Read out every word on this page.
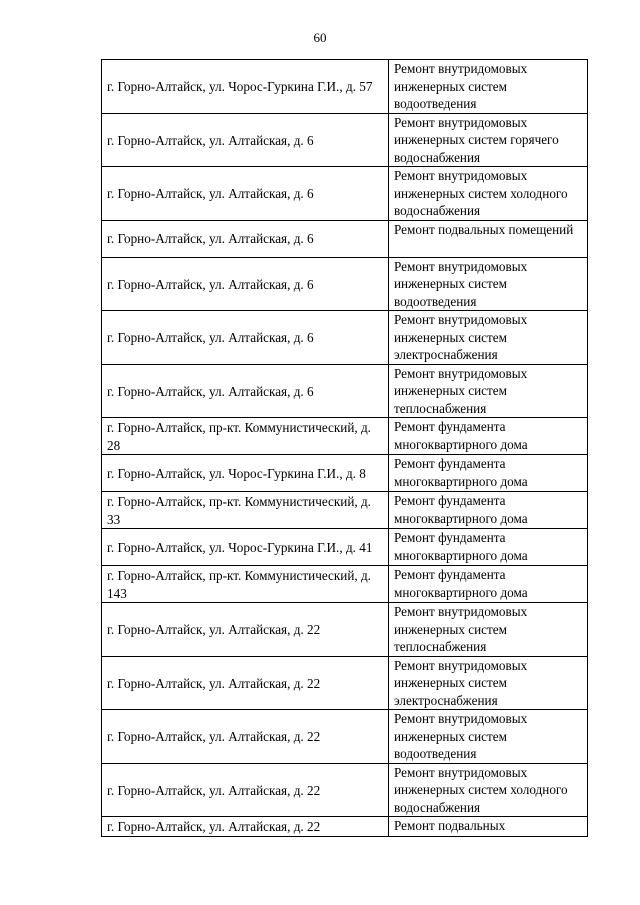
60
г. Горно-Алтайск, ул. Чорос-Гуркина Г.И., д. 57	Ремонт внутридомовых инженерных систем водоотведения

г. Горно-Алтайск, ул. Алтайская, д. 6	Ремонт внутридомовых инженерных систем горячего водоснабжения

г. Горно-Алтайск, ул. Алтайская, д. 6	Ремонт внутридомовых инженерных систем холодного водоснабжения

г. Горно-Алтайск, ул. Алтайская, д. 6	Ремонт подвальных помещений

г. Горно-Алтайск, ул. Алтайская, д. 6	Ремонт внутридомовых инженерных систем водоотведения

г. Горно-Алтайск, ул. Алтайская, д. 6	Ремонт внутридомовых инженерных систем электроснабжения

г. Горно-Алтайск, ул. Алтайская, д. 6	Ремонт внутридомовых инженерных систем теплоснабжения

г. Горно-Алтайск, пр-кт. Коммунистический, д. 28	Ремонт фундамента многоквартирного дома

г. Горно-Алтайск, ул. Чорос-Гуркина Г.И., д. 8	Ремонт фундамента многоквартирного дома

г. Горно-Алтайск, пр-кт. Коммунистический, д. 33	Ремонт фундамента многоквартирного дома

г. Горно-Алтайск, ул. Чорос-Гуркина Г.И., д. 41	Ремонт фундамента многоквартирного дома

г. Горно-Алтайск, пр-кт. Коммунистический, д. 143	Ремонт фундамента многоквартирного дома

г. Горно-Алтайск, ул. Алтайская, д. 22	Ремонт внутридомовых инженерных систем теплоснабжения

г. Горно-Алтайск, ул. Алтайская, д. 22	Ремонт внутридомовых инженерных систем электроснабжения

г. Горно-Алтайск, ул. Алтайская, д. 22	Ремонт внутридомовых инженерных систем водоотведения

г. Горно-Алтайск, ул. Алтайская, д. 22	Ремонт внутридомовых инженерных систем холодного водоснабжения

г. Горно-Алтайск, ул. Алтайская, д. 22	Ремонт подвальных
